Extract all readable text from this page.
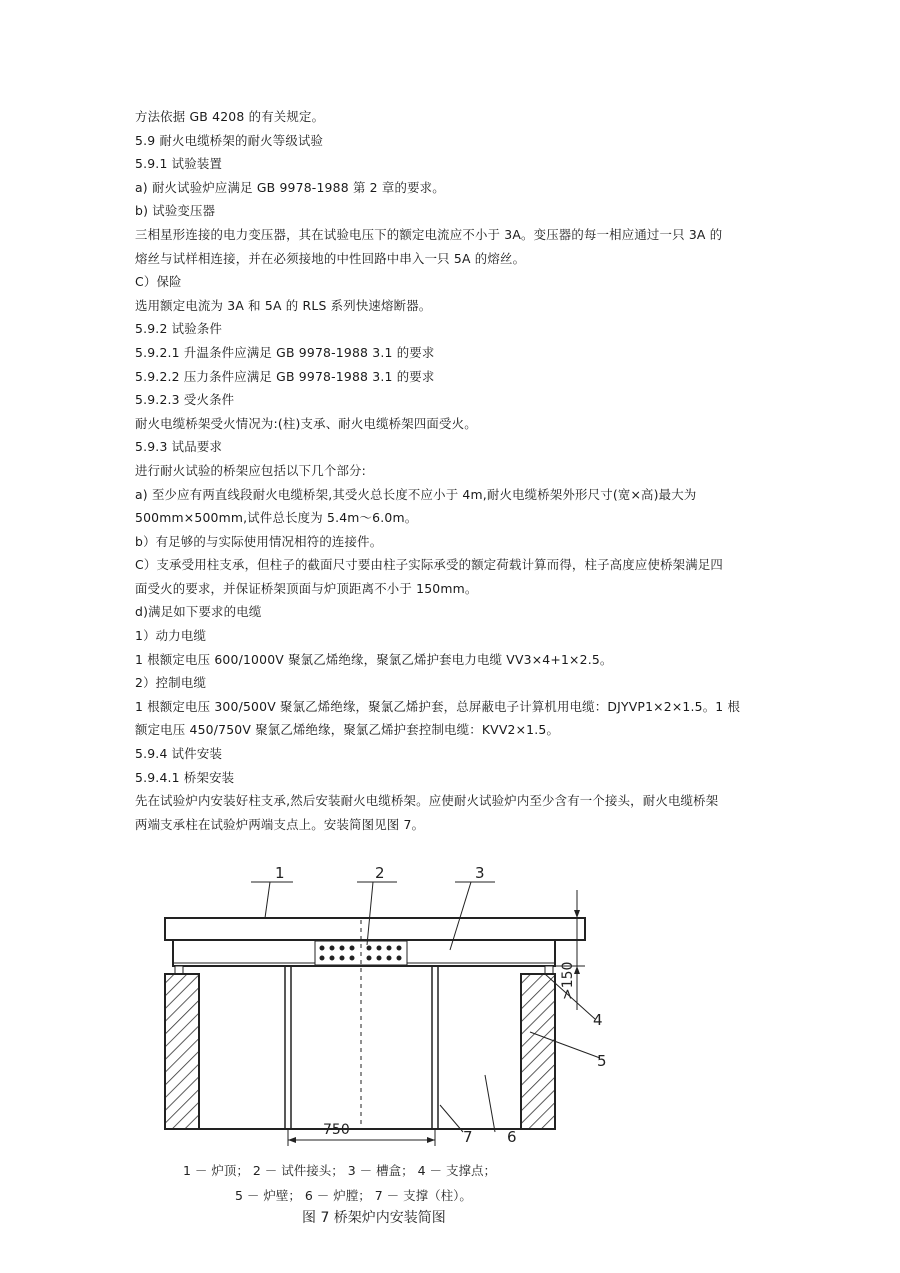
方法依据 GB 4208 的有关规定。
5.9 耐火电缆桥架的耐火等级试验
5.9.1 试验装置
a) 耐火试验炉应满足 GB 9978-1988 第 2 章的要求。
b) 试验变压器
三相星形连接的电力变压器，其在试验电压下的额定电流应不小于 3A。变压器的每一相应通过一只 3A 的
熔丝与试样相连接，并在必须接地的中性回路中串入一只 5A 的熔丝。
C）保险
选用额定电流为 3A 和 5A 的 RLS 系列快速熔断器。
5.9.2 试验条件
5.9.2.1 升温条件应满足 GB 9978-1988 3.1 的要求
5.9.2.2 压力条件应满足 GB 9978-1988 3.1 的要求
5.9.2.3 受火条件
耐火电缆桥架受火情况为:(柱)支承、耐火电缆桥架四面受火。
5.9.3 试品要求
进行耐火试验的桥架应包括以下几个部分:
a) 至少应有两直线段耐火电缆桥架,其受火总长度不应小于 4m,耐火电缆桥架外形尺寸(宽×高)最大为
500mm×500mm,试件总长度为 5.4m～6.0m。
b）有足够的与实际使用情况相符的连接件。
C）支承受用柱支承，但柱子的截面尺寸要由柱子实际承受的额定荷载计算而得，柱子高度应使桥架满足四
面受火的要求，并保证桥架顶面与炉顶距离不小于 150mm。
d)满足如下要求的电缆
1）动力电缆
1 根额定电压 600/1000V 聚氯乙烯绝缘，聚氯乙烯护套电力电缆 VV3×4+1×2.5。
2）控制电缆
1 根额定电压 300/500V 聚氯乙烯绝缘，聚氯乙烯护套，总屏蔽电子计算机用电缆：DJYVP1×2×1.5。1 根
额定电压 450/750V 聚氯乙烯绝缘，聚氯乙烯护套控制电缆：KVV2×1.5。
5.9.4 试件安装
5.9.4.1 桥架安装
先在试验炉内安装好柱支承,然后安装耐火电缆桥架。应使耐火试验炉内至少含有一个接头，耐火电缆桥架
两端支承柱在试验炉两端支点上。安装简图见图 7。
750
>150
1	2	3
4
5
6
7
1 － 炉顶； 2 － 试件接头； 3 － 槽盒； 4 － 支撑点；
5 － 炉壁； 6 － 炉膛； 7 － 支撑（柱）。
图 7 桥架炉内安装简图
